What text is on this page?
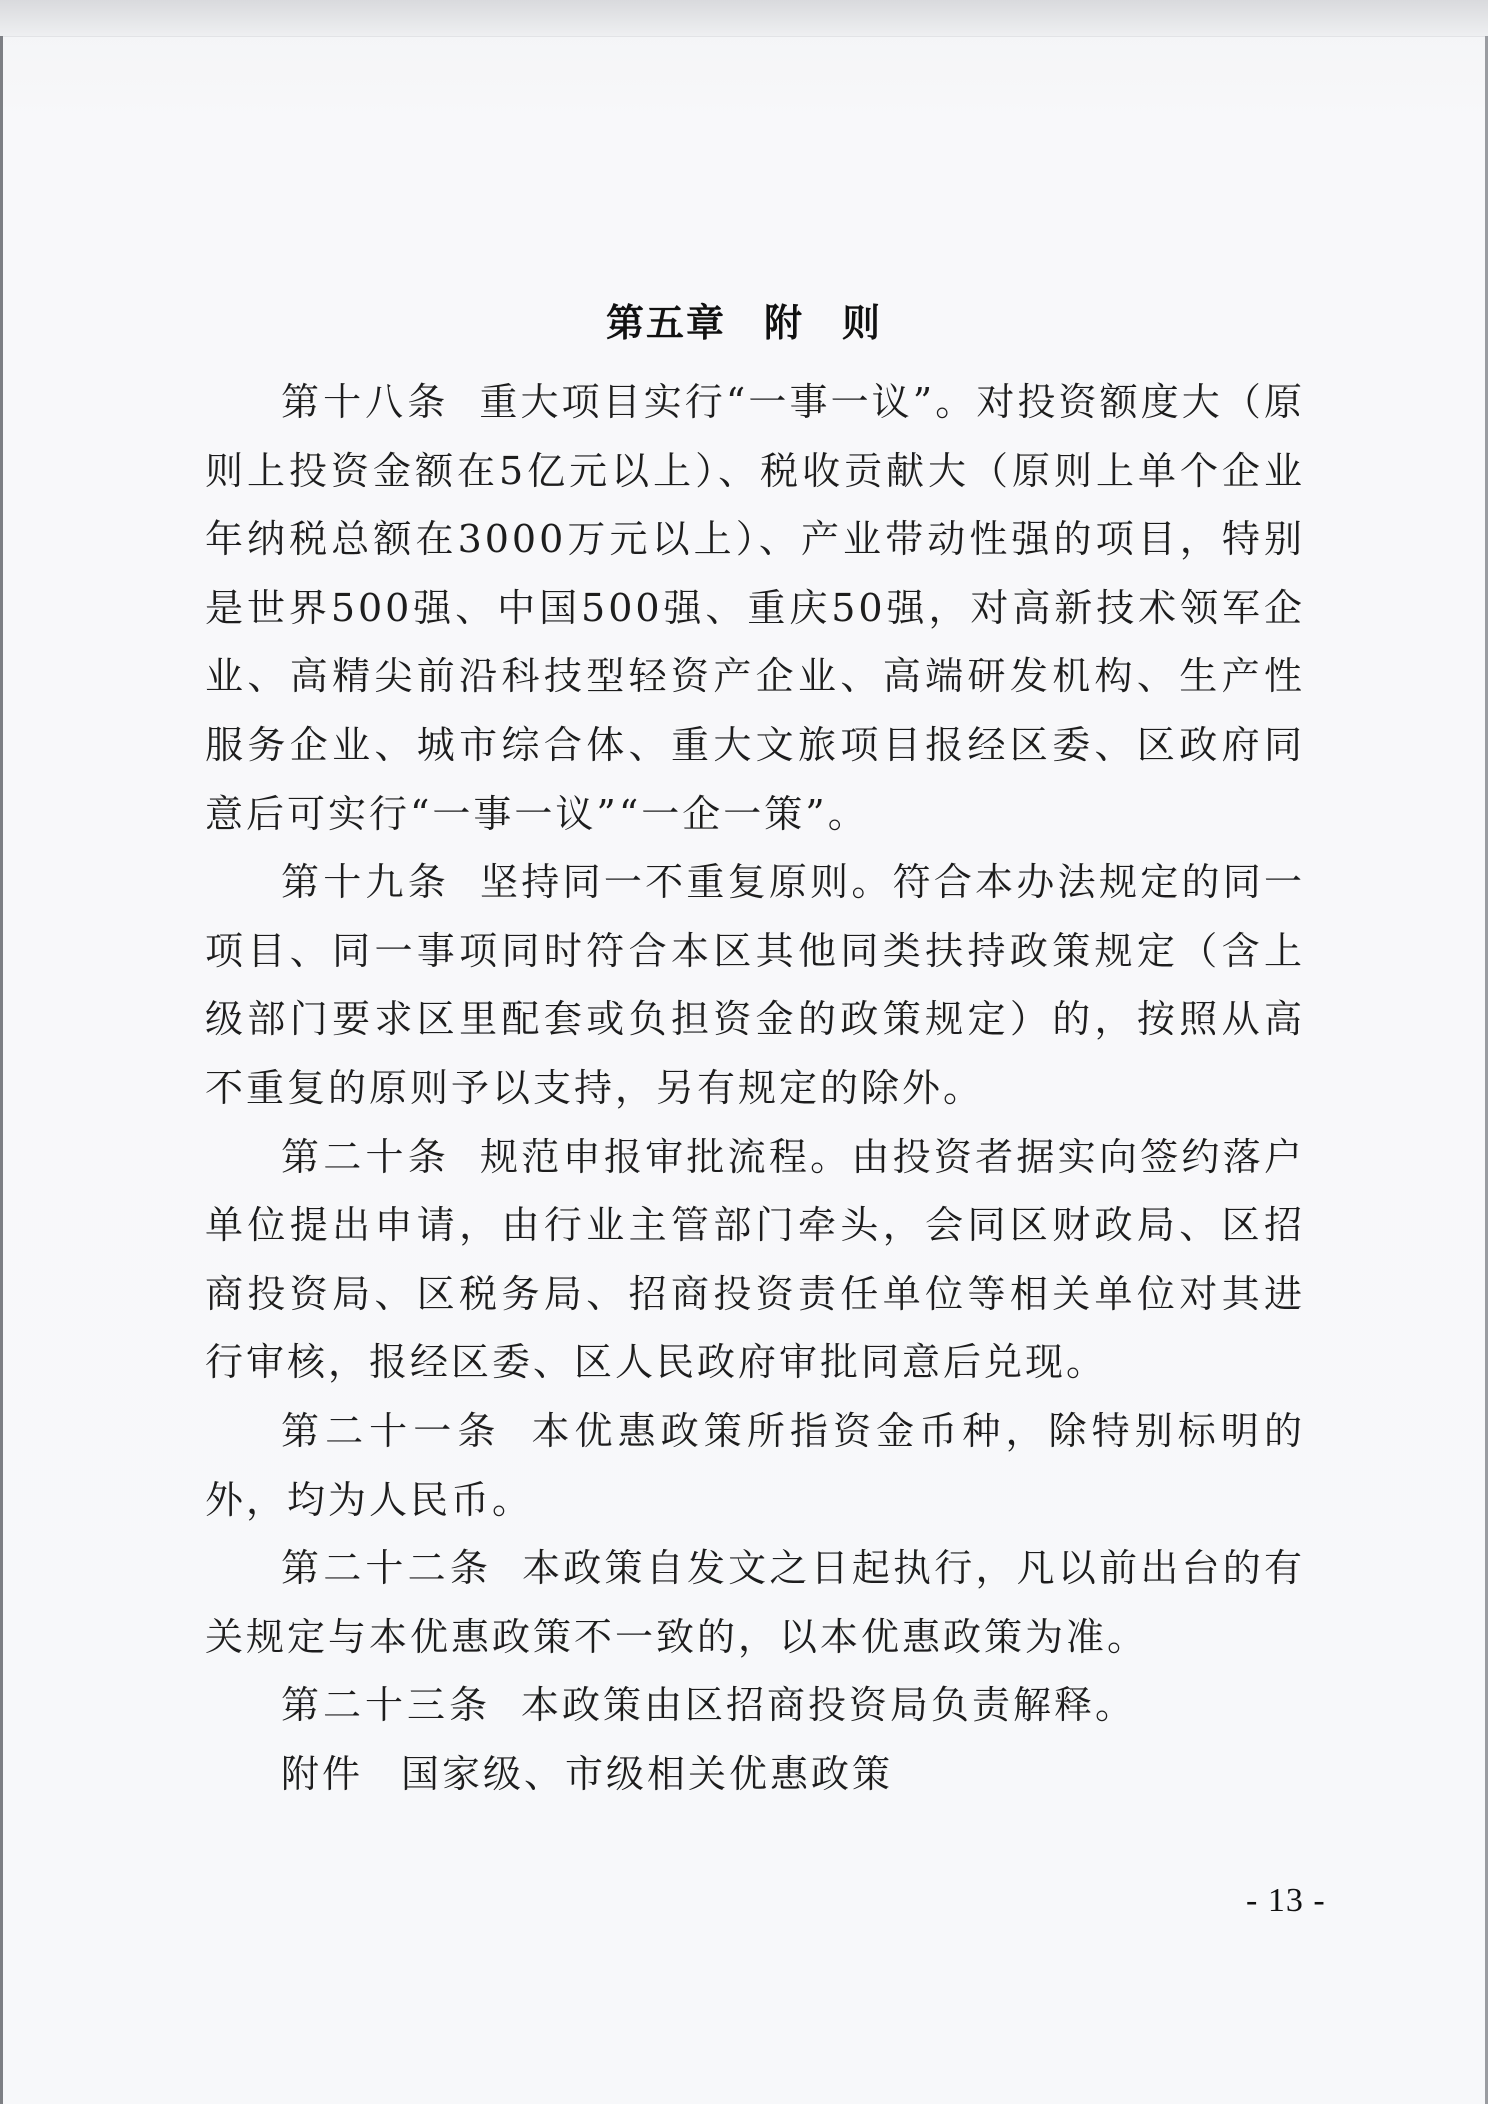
第五章 附 则

第十八条 重大项目实行“一事一议”。对投资额度大（原则上投资金额在5亿元以上）、税收贡献大（原则上单个企业年纳税总额在3000万元以上）、产业带动性强的项目，特别是世界500强、中国500强、重庆50强，对高新技术领军企业、高精尖前沿科技型轻资产企业、高端研发机构、生产性服务企业、城市综合体、重大文旅项目报经区委、区政府同意后可实行“一事一议”“一企一策”。

第十九条 坚持同一不重复原则。符合本办法规定的同一项目、同一事项同时符合本区其他同类扶持政策规定（含上级部门要求区里配套或负担资金的政策规定）的，按照从高不重复的原则予以支持，另有规定的除外。

第二十条 规范申报审批流程。由投资者据实向签约落户单位提出申请，由行业主管部门牵头，会同区财政局、区招商投资局、区税务局、招商投资责任单位等相关单位对其进行审核，报经区委、区人民政府审批同意后兑现。

第二十一条 本优惠政策所指资金币种，除特别标明的外，均为人民币。

第二十二条 本政策自发文之日起执行，凡以前出台的有关规定与本优惠政策不一致的，以本优惠政策为准。

第二十三条 本政策由区招商投资局负责解释。

附件 国家级、市级相关优惠政策

- 13 -
